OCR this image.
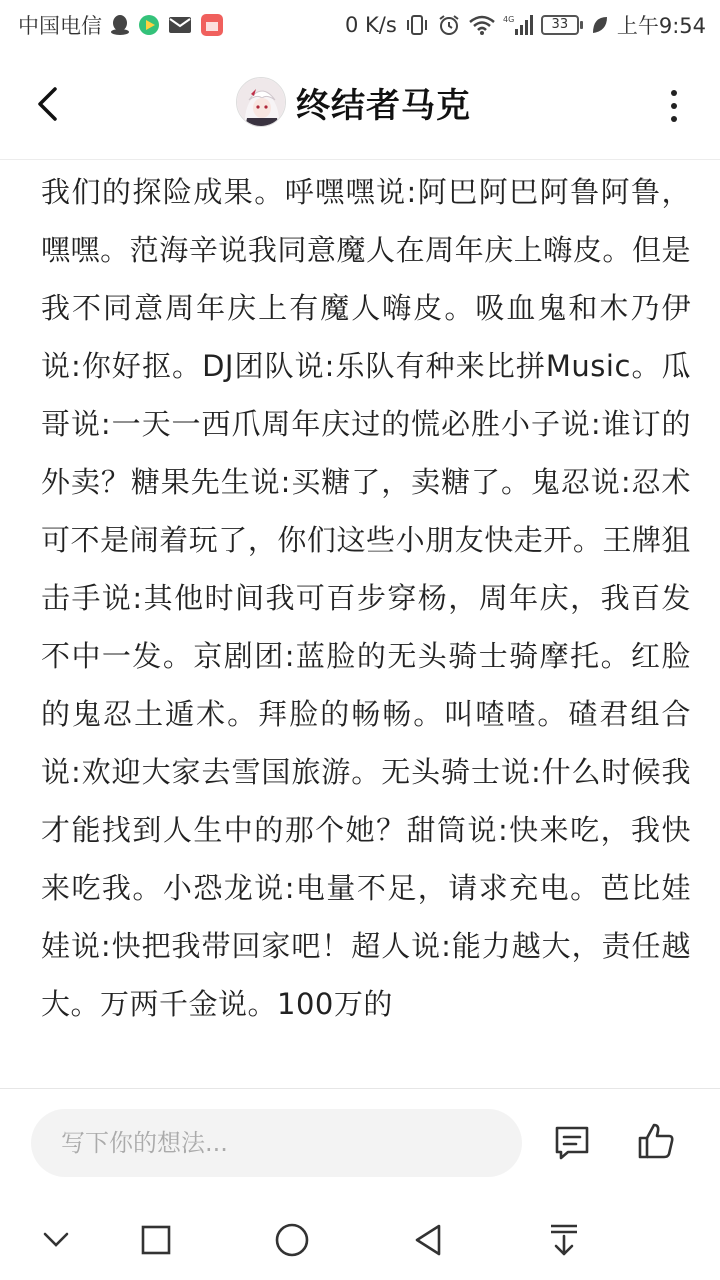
中国电信	0 K/s	4G	33	上午9:54
终结者马克

我们的探险成果。呼嘿嘿说:阿巴阿巴阿鲁阿鲁，嘿嘿。范海辛说我同意魔人在周年庆上嗨皮。但是我不同意周年庆上有魔人嗨皮。吸血鬼和木乃伊说:你好抠。DJ团队说:乐队有种来比拼Music。瓜哥说:一天一西爪周年庆过的慌必胜小子说:谁订的外卖？糖果先生说:买糖了，卖糖了。鬼忍说:忍术可不是闹着玩了，你们这些小朋友快走开。王牌狙击手说:其他时间我可百步穿杨，周年庆，我百发不中一发。京剧团:蓝脸的无头骑士骑摩托。红脸的鬼忍土遁术。拜脸的畅畅。叫喳喳。碴君组合说:欢迎大家去雪国旅游。无头骑士说:什么时候我才能找到人生中的那个她？甜筒说:快来吃，我快来吃我。小恐龙说:电量不足，请求充电。芭比娃娃说:快把我带回家吧！超人说:能力越大，责任越大。万两千金说。100万的

写下你的想法...
